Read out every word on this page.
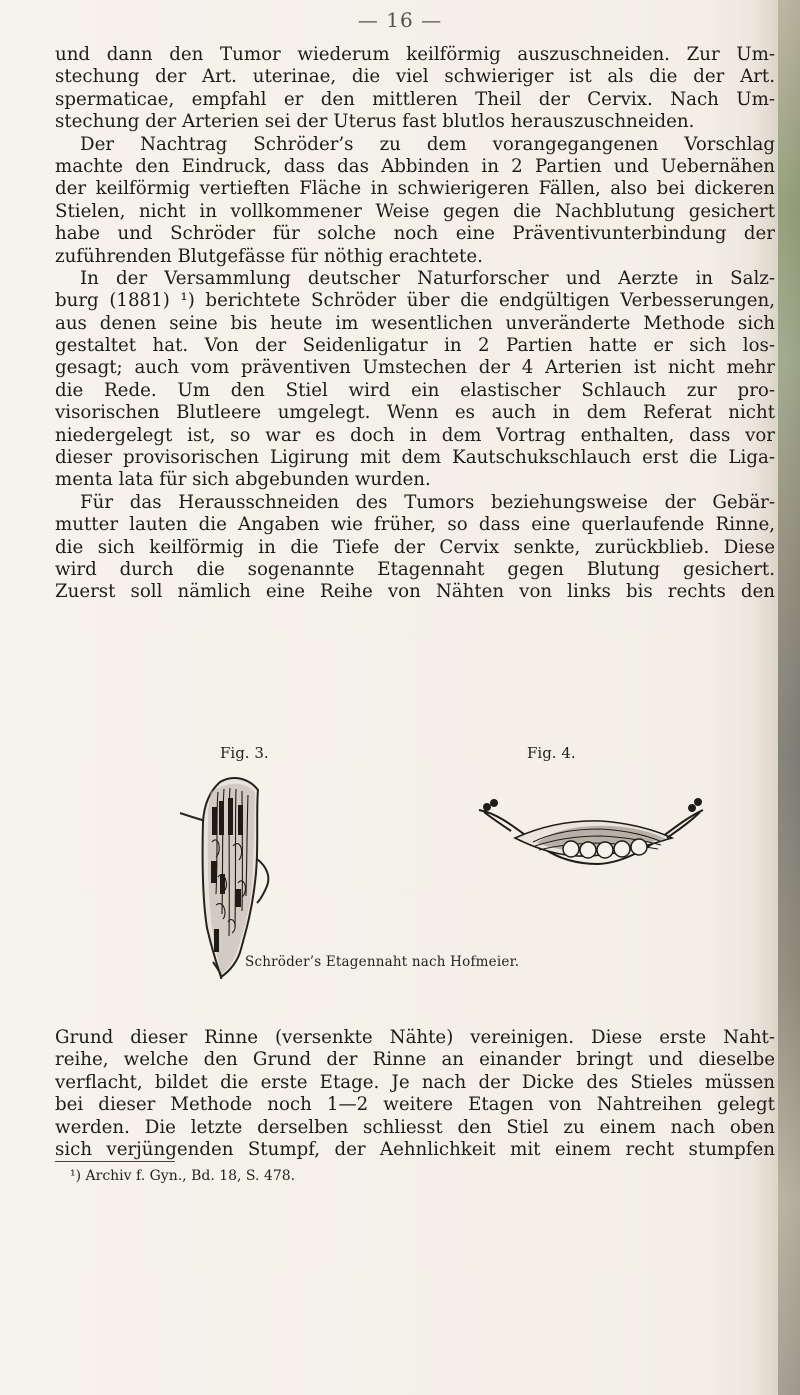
— 16 —
und dann den Tumor wiederum keilförmig auszuschneiden. Zur Um-
stechung der Art. uterinae, die viel schwieriger ist als die der Art.
spermaticae, empfahl er den mittleren Theil der Cervix. Nach Um-
stechung der Arterien sei der Uterus fast blutlos herauszuschneiden.
Der Nachtrag Schröder’s zu dem vorangegangenen Vorschlag
machte den Eindruck, dass das Abbinden in 2 Partien und Uebernähen
der keilförmig vertieften Fläche in schwierigeren Fällen, also bei dickeren
Stielen, nicht in vollkommener Weise gegen die Nachblutung gesichert
habe und Schröder für solche noch eine Präventivunterbindung der
zuführenden Blutgefässe für nöthig erachtete.
In der Versammlung deutscher Naturforscher und Aerzte in Salz-
burg (1881) ¹) berichtete Schröder über die endgültigen Verbesserungen,
aus denen seine bis heute im wesentlichen unveränderte Methode sich
gestaltet hat. Von der Seidenligatur in 2 Partien hatte er sich los-
gesagt; auch vom präventiven Umstechen der 4 Arterien ist nicht mehr
die Rede. Um den Stiel wird ein elastischer Schlauch zur pro-
visorischen Blutleere umgelegt. Wenn es auch in dem Referat nicht
niedergelegt ist, so war es doch in dem Vortrag enthalten, dass vor
dieser provisorischen Ligirung mit dem Kautschukschlauch erst die Liga-
menta lata für sich abgebunden wurden.
Für das Herausschneiden des Tumors beziehungsweise der Gebär-
mutter lauten die Angaben wie früher, so dass eine querlaufende Rinne,
die sich keilförmig in die Tiefe der Cervix senkte, zurückblieb. Diese
wird durch die sogenannte Etagennaht gegen Blutung gesichert.
Zuerst soll nämlich eine Reihe von Nähten von links bis rechts den
Fig. 3.	Fig. 4.
Schröder’s Etagennaht nach Hofmeier.
Grund dieser Rinne (versenkte Nähte) vereinigen. Diese erste Naht-
reihe, welche den Grund der Rinne an einander bringt und dieselbe
verflacht, bildet die erste Etage. Je nach der Dicke des Stieles müssen
bei dieser Methode noch 1—2 weitere Etagen von Nahtreihen gelegt
werden. Die letzte derselben schliesst den Stiel zu einem nach oben
sich verjüngenden Stumpf, der Aehnlichkeit mit einem recht stumpfen
¹) Archiv f. Gyn., Bd. 18, S. 478.
